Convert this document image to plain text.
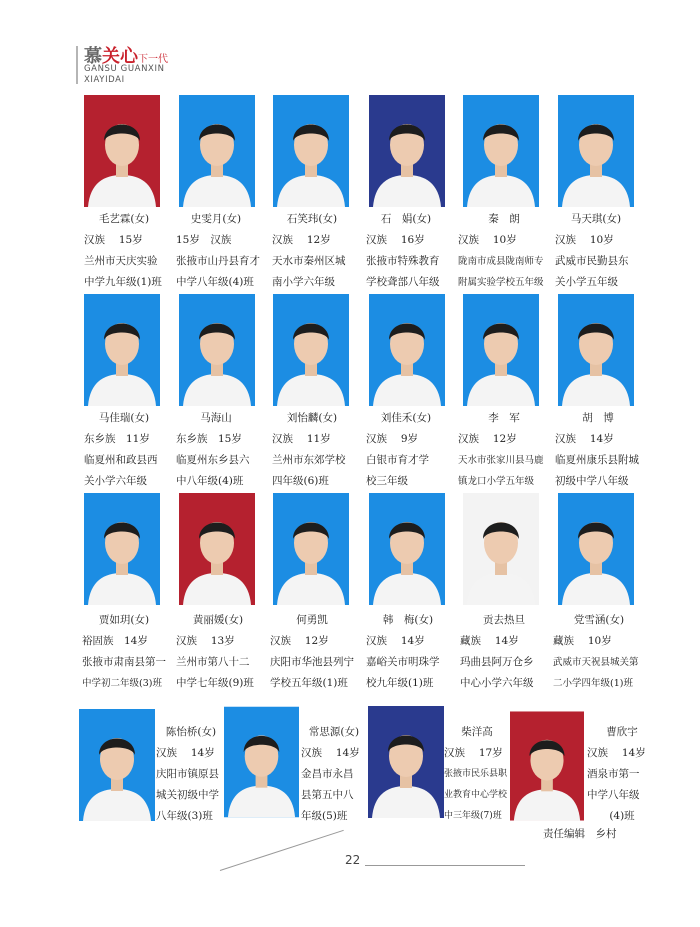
慕关心下一代
GANSU GUANXIN
XIAYIDAI
毛艺霖(女)
汉族　 15岁
兰州市天庆实验
中学九年级(1)班
史雯月(女)
15岁　汉族
张掖市山丹县育才
中学八年级(4)班
石笑玮(女)
汉族　 12岁
天水市秦州区城
南小学六年级
石　娟(女)
汉族　 16岁
张掖市特殊教育
学校聋部八年级
秦　朗
汉族　 10岁
陇南市成县陇南师专
附属实验学校五年级
马天琪(女)
汉族　 10岁
武威市民勤县东
关小学五年级
马佳瑞(女)
东乡族　11岁
临夏州和政县西
关小学六年级
马海山
东乡族　15岁
临夏州东乡县六
中八年级(4)班
刘怡麟(女)
汉族　 11岁
兰州市东郊学校
四年级(6)班
刘佳禾(女)
汉族　 9岁
白银市育才学
校三年级
李　军
汉族　 12岁
天水市张家川县马鹿
镇龙口小学五年级
胡　博
汉族　 14岁
临夏州康乐县附城
初级中学八年级
贾如玥(女)
裕固族　14岁
张掖市肃南县第一
中学初二年级(3)班
黄丽媛(女)
汉族　 13岁
兰州市第八十二
中学七年级(9)班
何勇凯
汉族　 12岁
庆阳市华池县列宁
学校五年级(1)班
韩　梅(女)
汉族　 14岁
嘉峪关市明珠学
校九年级(1)班
贡去热旦
藏族　 14岁
玛曲县阿万仓乡
中心小学六年级
党雪涵(女)
藏族　 10岁
武威市天祝县城关第
二小学四年级(1)班
陈怡桥(女)
汉族　 14岁
庆阳市镇原县
城关初级中学
八年级(3)班
常思源(女)
汉族　 14岁
金昌市永昌
县第五中八
年级(5)班
柴洋高
汉族　 17岁
张掖市民乐县职
业教育中心学校
中三年级(7)班
曹欣宇
汉族　 14岁
酒泉市第一
中学八年级
(4)班
责任编辑　乡村
22
